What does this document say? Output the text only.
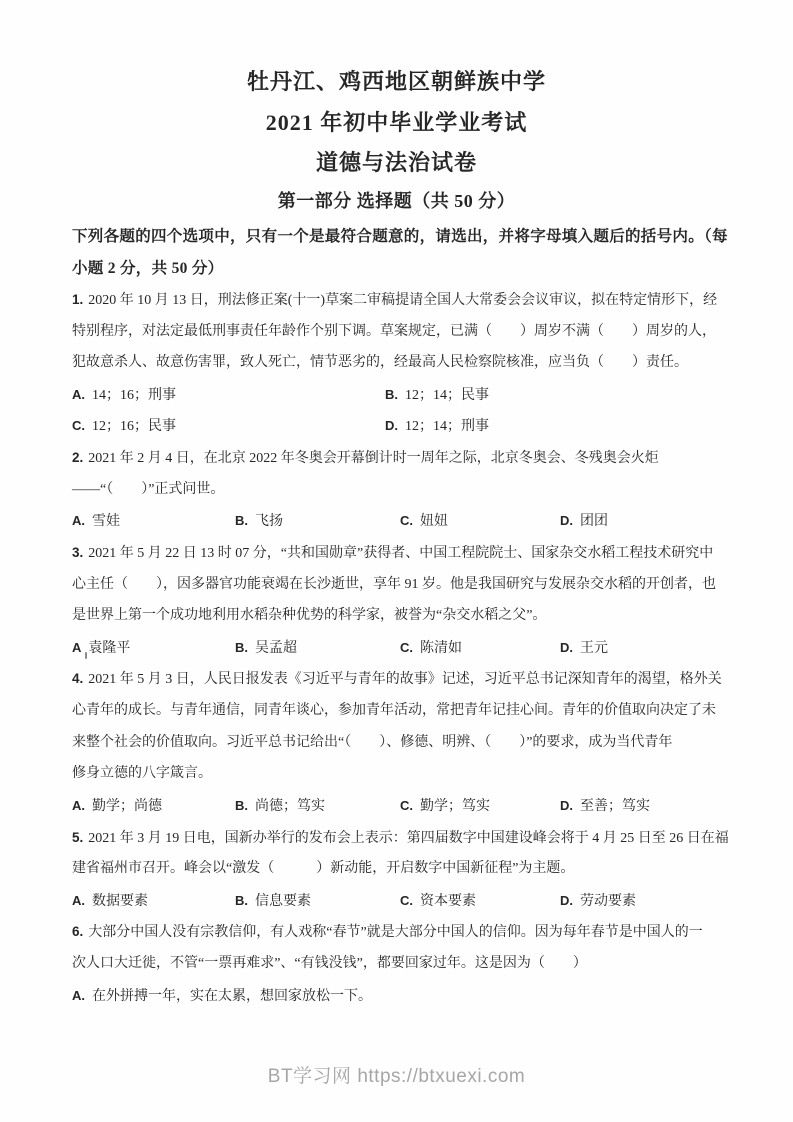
牡丹江、鸡西地区朝鲜族中学
2021 年初中毕业学业考试
道德与法治试卷
第一部分 选择题（共 50 分）
下列各题的四个选项中，只有一个是最符合题意的，请选出，并将字母填入题后的括号内。（每
小题 2 分，共 50 分）
1. 2020 年 10 月 13 日，刑法修正案(十一)草案二审稿提请全国人大常委会会议审议，拟在特定情形下，经
特别程序，对法定最低刑事责任年龄作个别下调。草案规定，已满（　　）周岁不满（　　）周岁的人，
犯故意杀人、故意伤害罪，致人死亡，情节恶劣的，经最高人民检察院核准，应当负（　　）责任。
A. 14；16；刑事	B. 12；14；民事
C. 12；16；民事	D. 12；14；刑事
2. 2021 年 2 月 4 日，在北京 2022 年冬奥会开幕倒计时一周年之际，北京冬奥会、冬残奥会火炬
——“（　　）”正式问世。
A. 雪娃	B. 飞扬	C. 妞妞	D. 团团
3. 2021 年 5 月 22 日 13 时 07 分，“共和国勋章”获得者、中国工程院院士、国家杂交水稻工程技术研究中
心主任（　　），因多器官功能衰竭在长沙逝世，享年 91 岁。他是我国研究与发展杂交水稻的开创者，也
是世界上第一个成功地利用水稻杂种优势的科学家，被誉为“杂交水稻之父”。
A 袁隆平	B. 吴孟超	C. 陈清如	D. 王元
4. 2021 年 5 月 3 日，人民日报发表《习近平与青年的故事》记述，习近平总书记深知青年的渴望，格外关
心青年的成长。与青年通信，同青年谈心，参加青年活动，常把青年记挂心间。青年的价值取向决定了未
来整个社会的价值取向。习近平总书记给出“（　　）、修德、明辨、（　　）”的要求，成为当代青年
修身立德的八字箴言。
A. 勤学；尚德	B. 尚德；笃实	C. 勤学；笃实	D. 至善；笃实
5. 2021 年 3 月 19 日电，国新办举行的发布会上表示：第四届数字中国建设峰会将于 4 月 25 日至 26 日在福
建省福州市召开。峰会以“激发（　　　）新动能，开启数字中国新征程”为主题。
A. 数据要素	B. 信息要素	C. 资本要素	D. 劳动要素
6. 大部分中国人没有宗教信仰，有人戏称“春节”就是大部分中国人的信仰。因为每年春节是中国人的一
次人口大迁徙，不管“一票再难求”、“有钱没钱”，都要回家过年。这是因为（　　）
A. 在外拼搏一年，实在太累，想回家放松一下。
BT学习网 https://btxuexi.com
